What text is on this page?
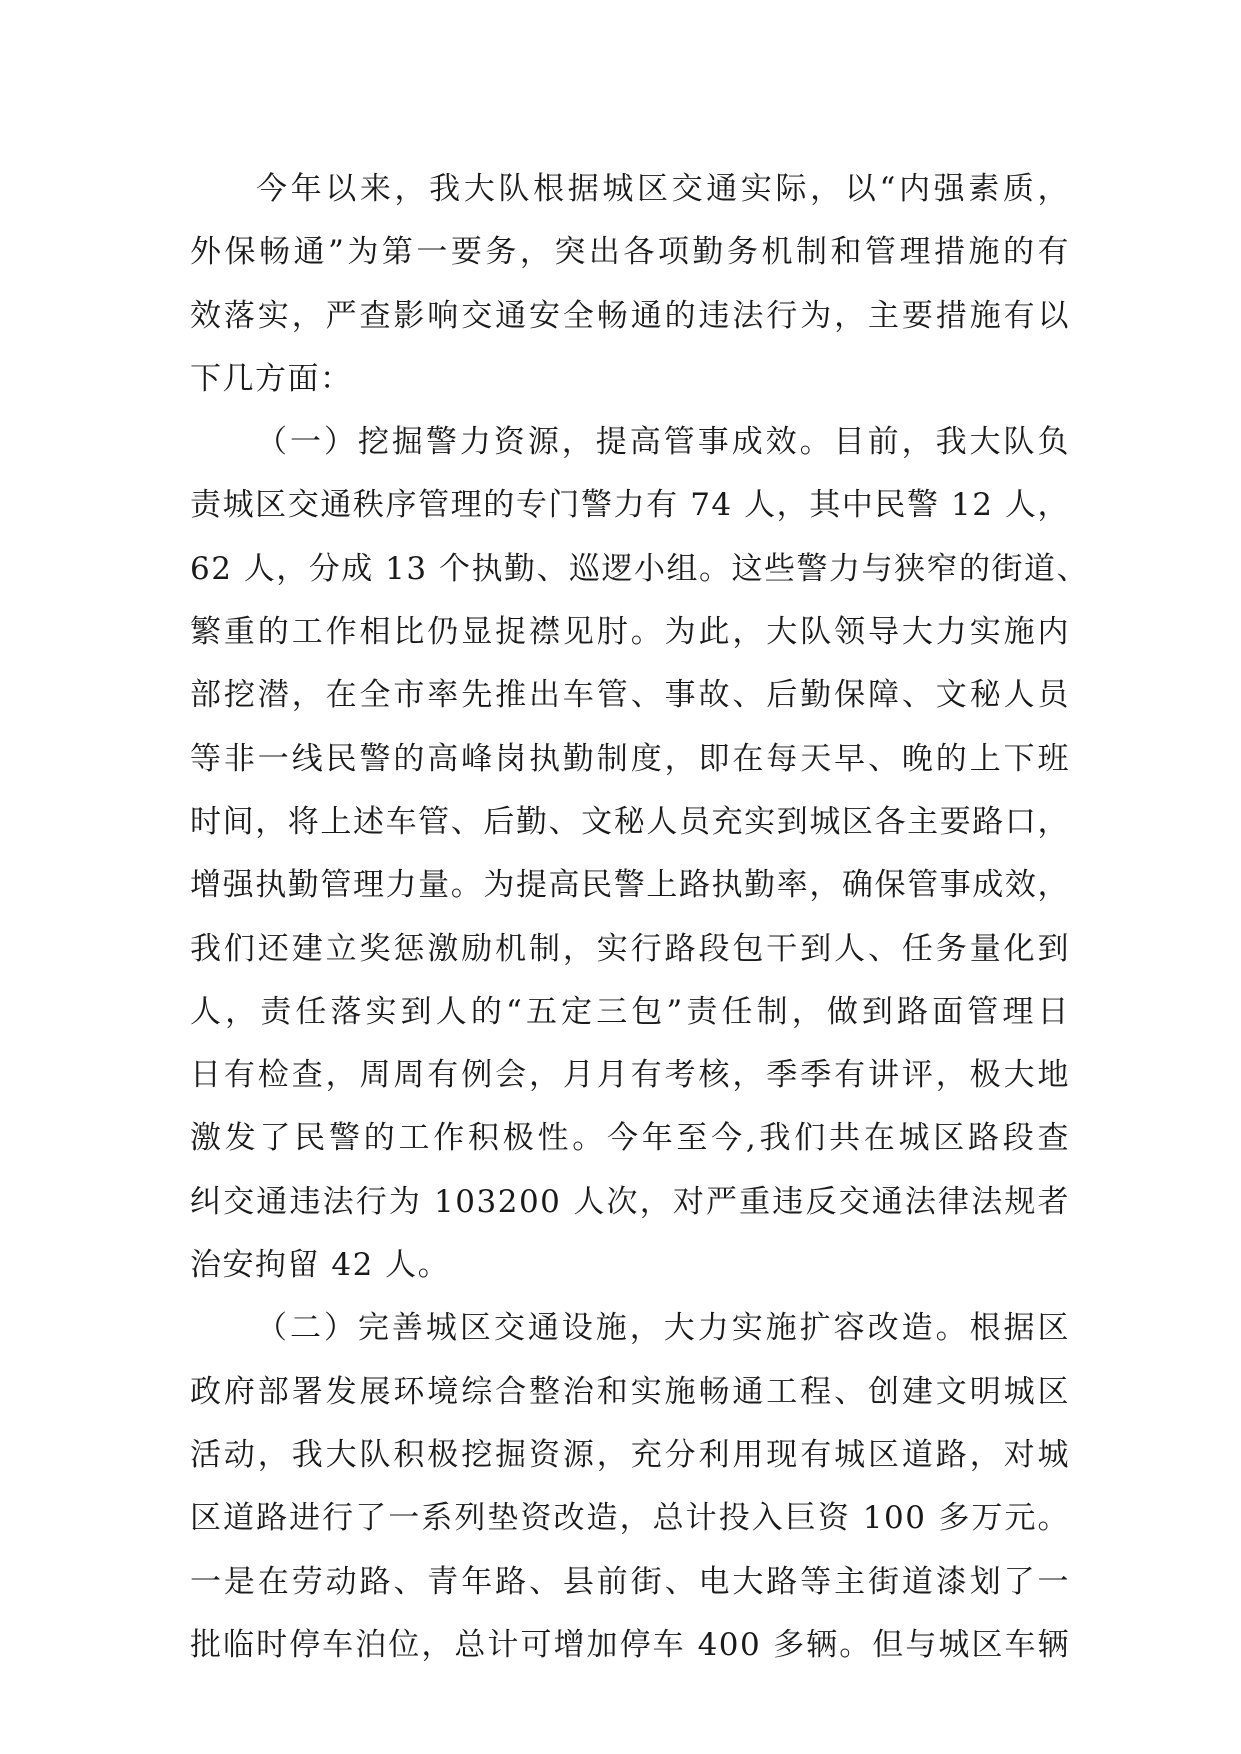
今年以来，我大队根据城区交通实际，以“内强素质，
外保畅通”为第一要务，突出各项勤务机制和管理措施的有
效落实，严查影响交通安全畅通的违法行为，主要措施有以
下几方面：
（一）挖掘警力资源，提高管事成效。目前，我大队负
责城区交通秩序管理的专门警力有 74 人，其中民警 12 人，
62 人，分成 13 个执勤、巡逻小组。这些警力与狭窄的街道、
繁重的工作相比仍显捉襟见肘。为此，大队领导大力实施内
部挖潜，在全市率先推出车管、事故、后勤保障、文秘人员
等非一线民警的高峰岗执勤制度，即在每天早、晚的上下班
时间，将上述车管、后勤、文秘人员充实到城区各主要路口，
增强执勤管理力量。为提高民警上路执勤率，确保管事成效，
我们还建立奖惩激励机制，实行路段包干到人、任务量化到
人，责任落实到人的“五定三包”责任制，做到路面管理日
日有检查，周周有例会，月月有考核，季季有讲评，极大地
激发了民警的工作积极性。今年至今,我们共在城区路段查
纠交通违法行为 103200 人次，对严重违反交通法律法规者
治安拘留 42 人。
（二）完善城区交通设施，大力实施扩容改造。根据区
政府部署发展环境综合整治和实施畅通工程、创建文明城区
活动，我大队积极挖掘资源，充分利用现有城区道路，对城
区道路进行了一系列垫资改造，总计投入巨资 100 多万元。
一是在劳动路、青年路、县前街、电大路等主街道漆划了一
批临时停车泊位，总计可增加停车 400 多辆。但与城区车辆
